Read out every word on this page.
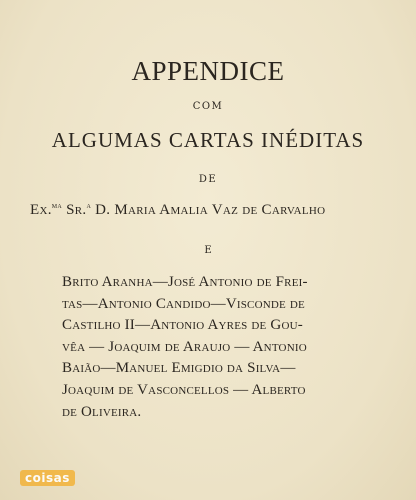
APPENDICE
COM
ALGUMAS CARTAS INÉDITAS
DE
Ex.$^{ma}$ Sr.$^a$ D. Maria Amalia Vaz de Carvalho
E
Brito Aranha—José Antonio de Frei-
tas—Antonio Candido—Visconde de
Castilho II—Antonio Ayres de Gou-
vêa — Joaquim de Araujo — Antonio
Baião—Manuel Emigdio da Silva—
Joaquim de Vasconcellos — Alberto
de Oliveira.
coisas
